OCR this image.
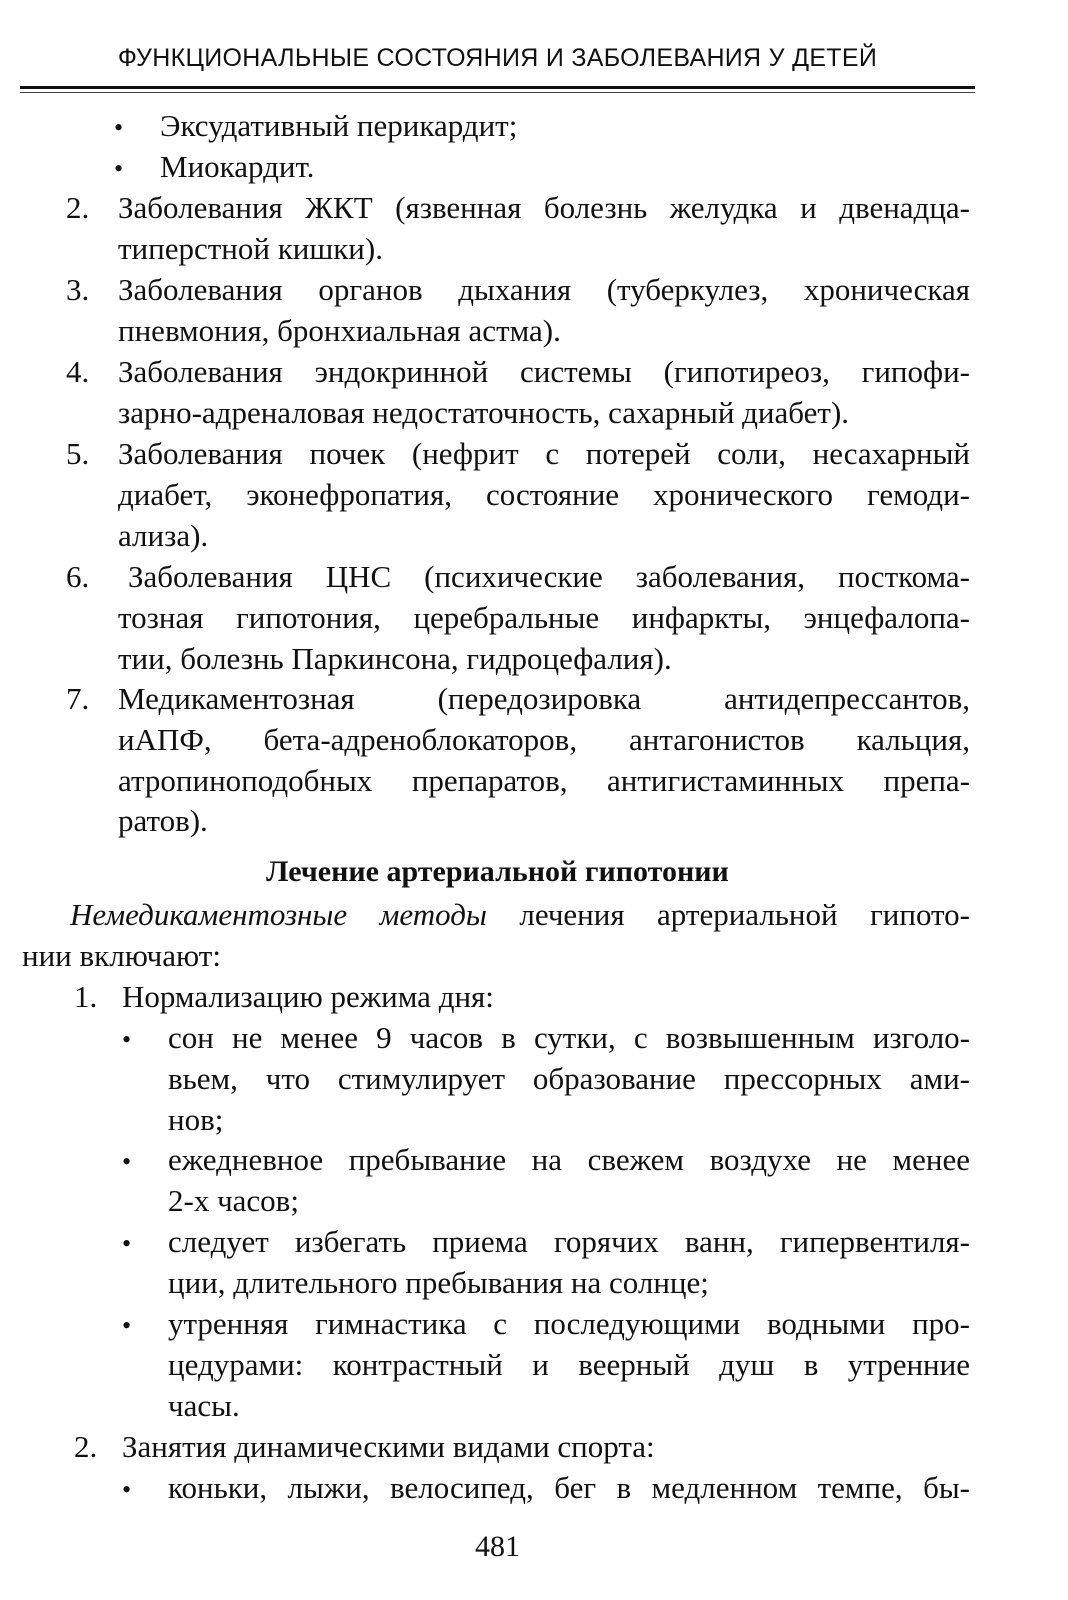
ФУНКЦИОНАЛЬНЫЕ СОСТОЯНИЯ И ЗАБОЛЕВАНИЯ У ДЕТЕЙ
• Эксудативный перикардит;
• Миокардит.
2. Заболевания ЖКТ (язвенная болезнь желудка и двенадца-
типерстной кишки).
3. Заболевания органов дыхания (туберкулез, хроническая
пневмония, бронхиальная астма).
4. Заболевания эндокринной системы (гипотиреоз, гипофи-
зарно-адреналовая недостаточность, сахарный диабет).
5. Заболевания почек (нефрит с потерей соли, несахарный
диабет, эконефропатия, состояние хронического гемоди-
ализа).
6. Заболевания ЦНС (психические заболевания, посткома-
тозная гипотония, церебральные инфаркты, энцефалопа-
тии, болезнь Паркинсона, гидроцефалия).
7. Медикаментозная (передозировка антидепрессантов,
иАПФ, бета-адреноблокаторов, антагонистов кальция,
атропиноподобных препаратов, антигистаминных препа-
ратов).
Лечение артериальной гипотонии
Немедикаментозные методы лечения артериальной гипото-
нии включают:
1. Нормализацию режима дня:
• сон не менее 9 часов в сутки, с возвышенным изголо-
вьем, что стимулирует образование прессорных ами-
нов;
• ежедневное пребывание на свежем воздухе не менее
2-х часов;
• следует избегать приема горячих ванн, гипервентиля-
ции, длительного пребывания на солнце;
• утренняя гимнастика с последующими водными про-
цедурами: контрастный и веерный душ в утренние
часы.
2. Занятия динамическими видами спорта:
• коньки, лыжи, велосипед, бег в медленном темпе, бы-
481
